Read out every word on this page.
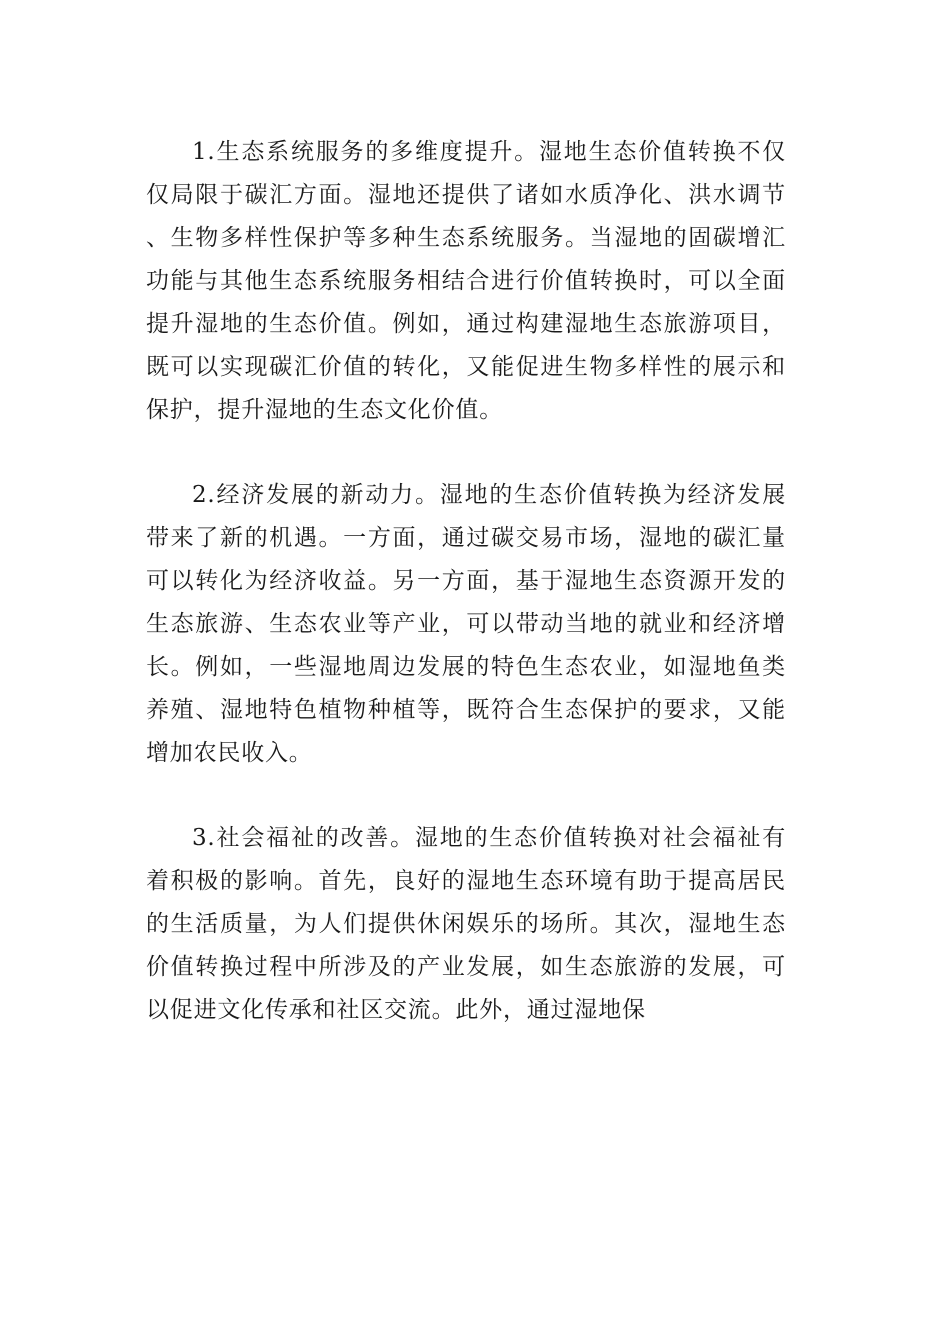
1.生态系统服务的多维度提升。湿地生态价值转换不仅仅局限于碳汇方面。湿地还提供了诸如水质净化、洪水调节、生物多样性保护等多种生态系统服务。当湿地的固碳增汇功能与其他生态系统服务相结合进行价值转换时，可以全面提升湿地的生态价值。例如，通过构建湿地生态旅游项目，既可以实现碳汇价值的转化，又能促进生物多样性的展示和保护，提升湿地的生态文化价值。

2.经济发展的新动力。湿地的生态价值转换为经济发展带来了新的机遇。一方面，通过碳交易市场，湿地的碳汇量可以转化为经济收益。另一方面，基于湿地生态资源开发的生态旅游、生态农业等产业，可以带动当地的就业和经济增长。例如，一些湿地周边发展的特色生态农业，如湿地鱼类养殖、湿地特色植物种植等，既符合生态保护的要求，又能增加农民收入。

3.社会福祉的改善。湿地的生态价值转换对社会福祉有着积极的影响。首先，良好的湿地生态环境有助于提高居民的生活质量，为人们提供休闲娱乐的场所。其次，湿地生态价值转换过程中所涉及的产业发展，如生态旅游的发展，可以促进文化传承和社区交流。此外，通过湿地保
